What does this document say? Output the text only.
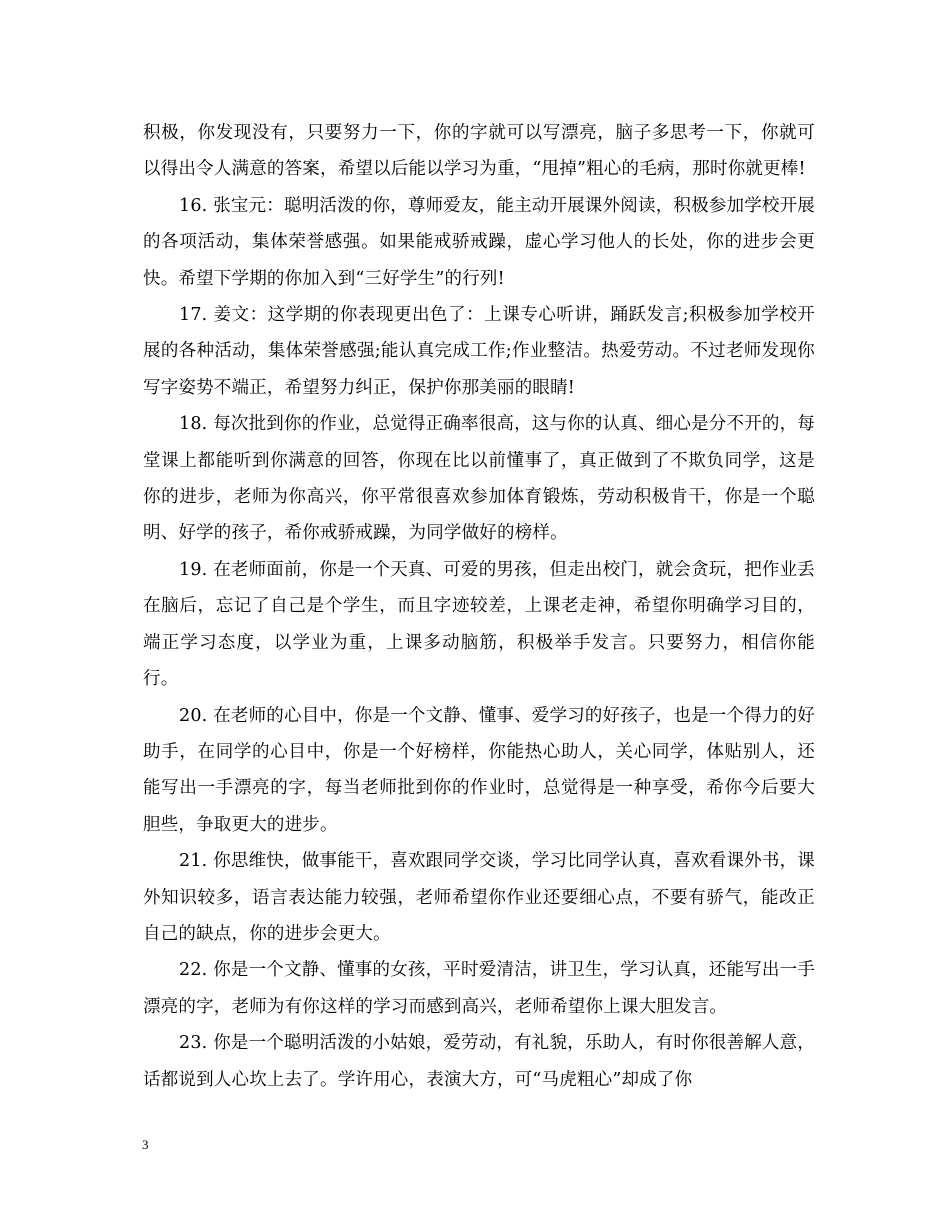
积极，你发现没有，只要努力一下，你的字就可以写漂亮，脑子多思考一下，你就可以得出令人满意的答案，希望以后能以学习为重，“甩掉”粗心的毛病，那时你就更棒!

16. 张宝元：聪明活泼的你，尊师爱友，能主动开展课外阅读，积极参加学校开展的各项活动，集体荣誉感强。如果能戒骄戒躁，虚心学习他人的长处，你的进步会更快。希望下学期的你加入到“三好学生”的行列!

17. 姜文：这学期的你表现更出色了：上课专心听讲，踊跃发言;积极参加学校开展的各种活动，集体荣誉感强;能认真完成工作;作业整洁。热爱劳动。不过老师发现你写字姿势不端正，希望努力纠正，保护你那美丽的眼睛!

18. 每次批到你的作业，总觉得正确率很高，这与你的认真、细心是分不开的，每堂课上都能听到你满意的回答，你现在比以前懂事了，真正做到了不欺负同学，这是你的进步，老师为你高兴，你平常很喜欢参加体育锻炼，劳动积极肯干，你是一个聪明、好学的孩子，希你戒骄戒躁，为同学做好的榜样。

19. 在老师面前，你是一个天真、可爱的男孩，但走出校门，就会贪玩，把作业丢在脑后，忘记了自己是个学生，而且字迹较差，上课老走神，希望你明确学习目的，端正学习态度，以学业为重，上课多动脑筋，积极举手发言。只要努力，相信你能行。

20. 在老师的心目中，你是一个文静、懂事、爱学习的好孩子，也是一个得力的好助手，在同学的心目中，你是一个好榜样，你能热心助人，关心同学，体贴别人，还能写出一手漂亮的字，每当老师批到你的作业时，总觉得是一种享受，希你今后要大胆些，争取更大的进步。

21. 你思维快，做事能干，喜欢跟同学交谈，学习比同学认真，喜欢看课外书，课外知识较多，语言表达能力较强，老师希望你作业还要细心点，不要有骄气，能改正自己的缺点，你的进步会更大。

22. 你是一个文静、懂事的女孩，平时爱清洁，讲卫生，学习认真，还能写出一手漂亮的字，老师为有你这样的学习而感到高兴，老师希望你上课大胆发言。

23. 你是一个聪明活泼的小姑娘，爱劳动，有礼貌，乐助人，有时你很善解人意，话都说到人心坎上去了。学许用心，表演大方，可“马虎粗心”却成了你

3
